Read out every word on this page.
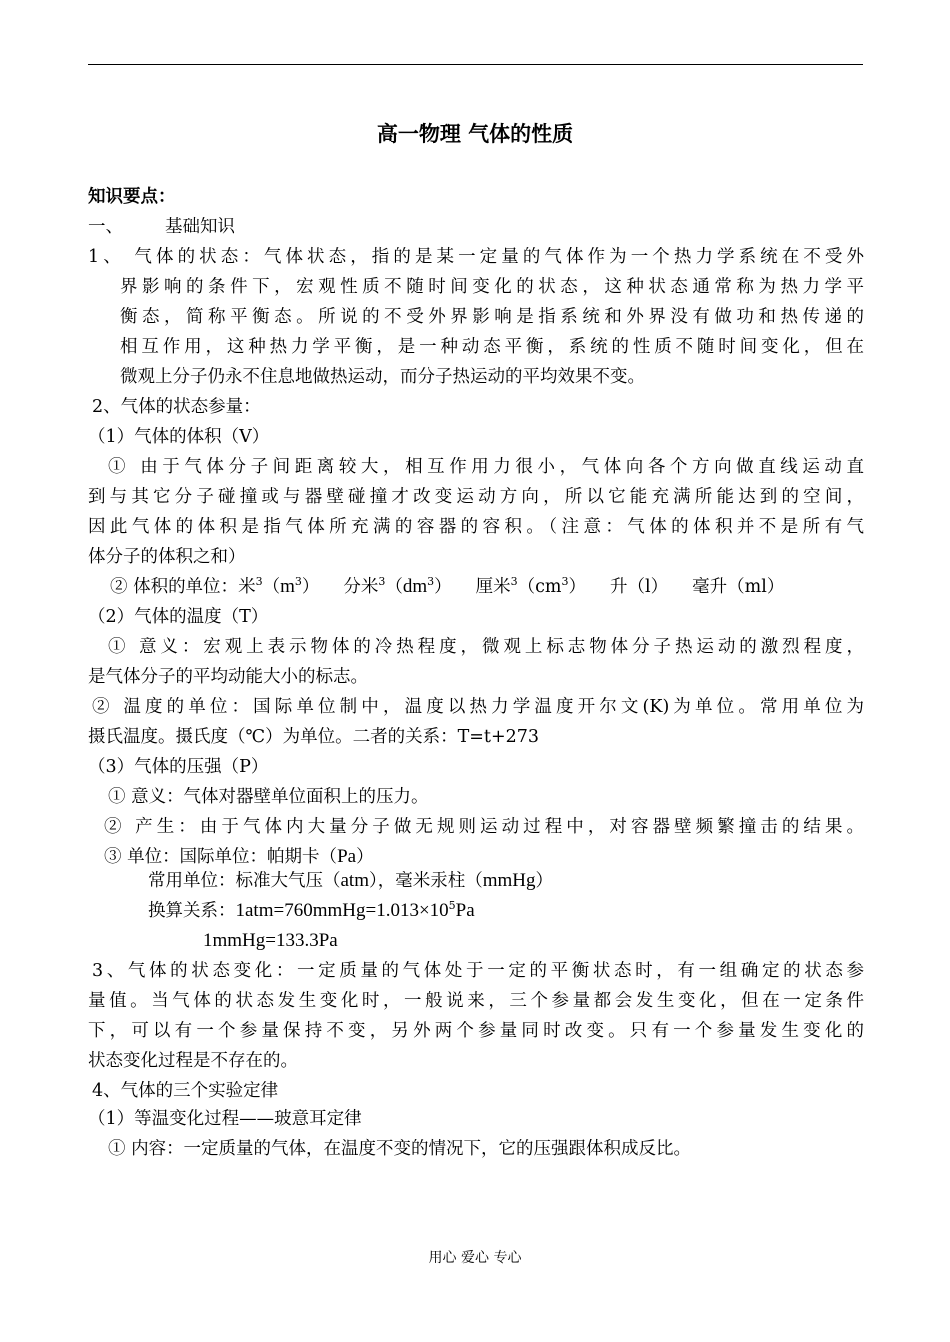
高一物理 气体的性质
知识要点：
一、 基础知识
1、 气体的状态：气体状态，指的是某一定量的气体作为一个热力学系统在不受外
界影响的条件下，宏观性质不随时间变化的状态，这种状态通常称为热力学平
衡态，简称平衡态。所说的不受外界影响是指系统和外界没有做功和热传递的
相互作用，这种热力学平衡，是一种动态平衡，系统的性质不随时间变化，但在
微观上分子仍永不住息地做热运动，而分子热运动的平均效果不变。
2、气体的状态参量：
（1）气体的体积（V）
① 由于气体分子间距离较大，相互作用力很小，气体向各个方向做直线运动直
到与其它分子碰撞或与器壁碰撞才改变运动方向，所以它能充满所能达到的空间，
因此气体的体积是指气体所充满的容器的容积。（注意：气体的体积并不是所有气
体分子的体积之和）
② 体积的单位：米$^3(m^3)$ 分米$^3(dm^3)$ 厘米$^3(cm^3)$ 升（l） 毫升（ml）
（2）气体的温度（T）
① 意义：宏观上表示物体的冷热程度，微观上标志物体分子热运动的激烈程度，
是气体分子的平均动能大小的标志。
② 温度的单位：国际单位制中，温度以热力学温度开尔文(K)为单位。常用单位为
摄氏温度。摄氏度（℃）为单位。二者的关系：T=t+273
（3）气体的压强（P）
① 意义：气体对器壁单位面积上的压力。
② 产生：由于气体内大量分子做无规则运动过程中，对容器壁频繁撞击的结果。
③ 单位：国际单位：帕期卡（Pa）
常用单位：标准大气压（atm），毫米汞柱（mmHg）
换算关系：$1atm=760mmHg=1.013\times 10^5Pa$
1mmHg=133.3Pa
3、气体的状态变化：一定质量的气体处于一定的平衡状态时，有一组确定的状态参
量值。当气体的状态发生变化时，一般说来，三个参量都会发生变化，但在一定条件
下，可以有一个参量保持不变，另外两个参量同时改变。只有一个参量发生变化的
状态变化过程是不存在的。
4、气体的三个实验定律
（1）等温变化过程——玻意耳定律
① 内容：一定质量的气体，在温度不变的情况下，它的压强跟体积成反比。
用心 爱心 专心
